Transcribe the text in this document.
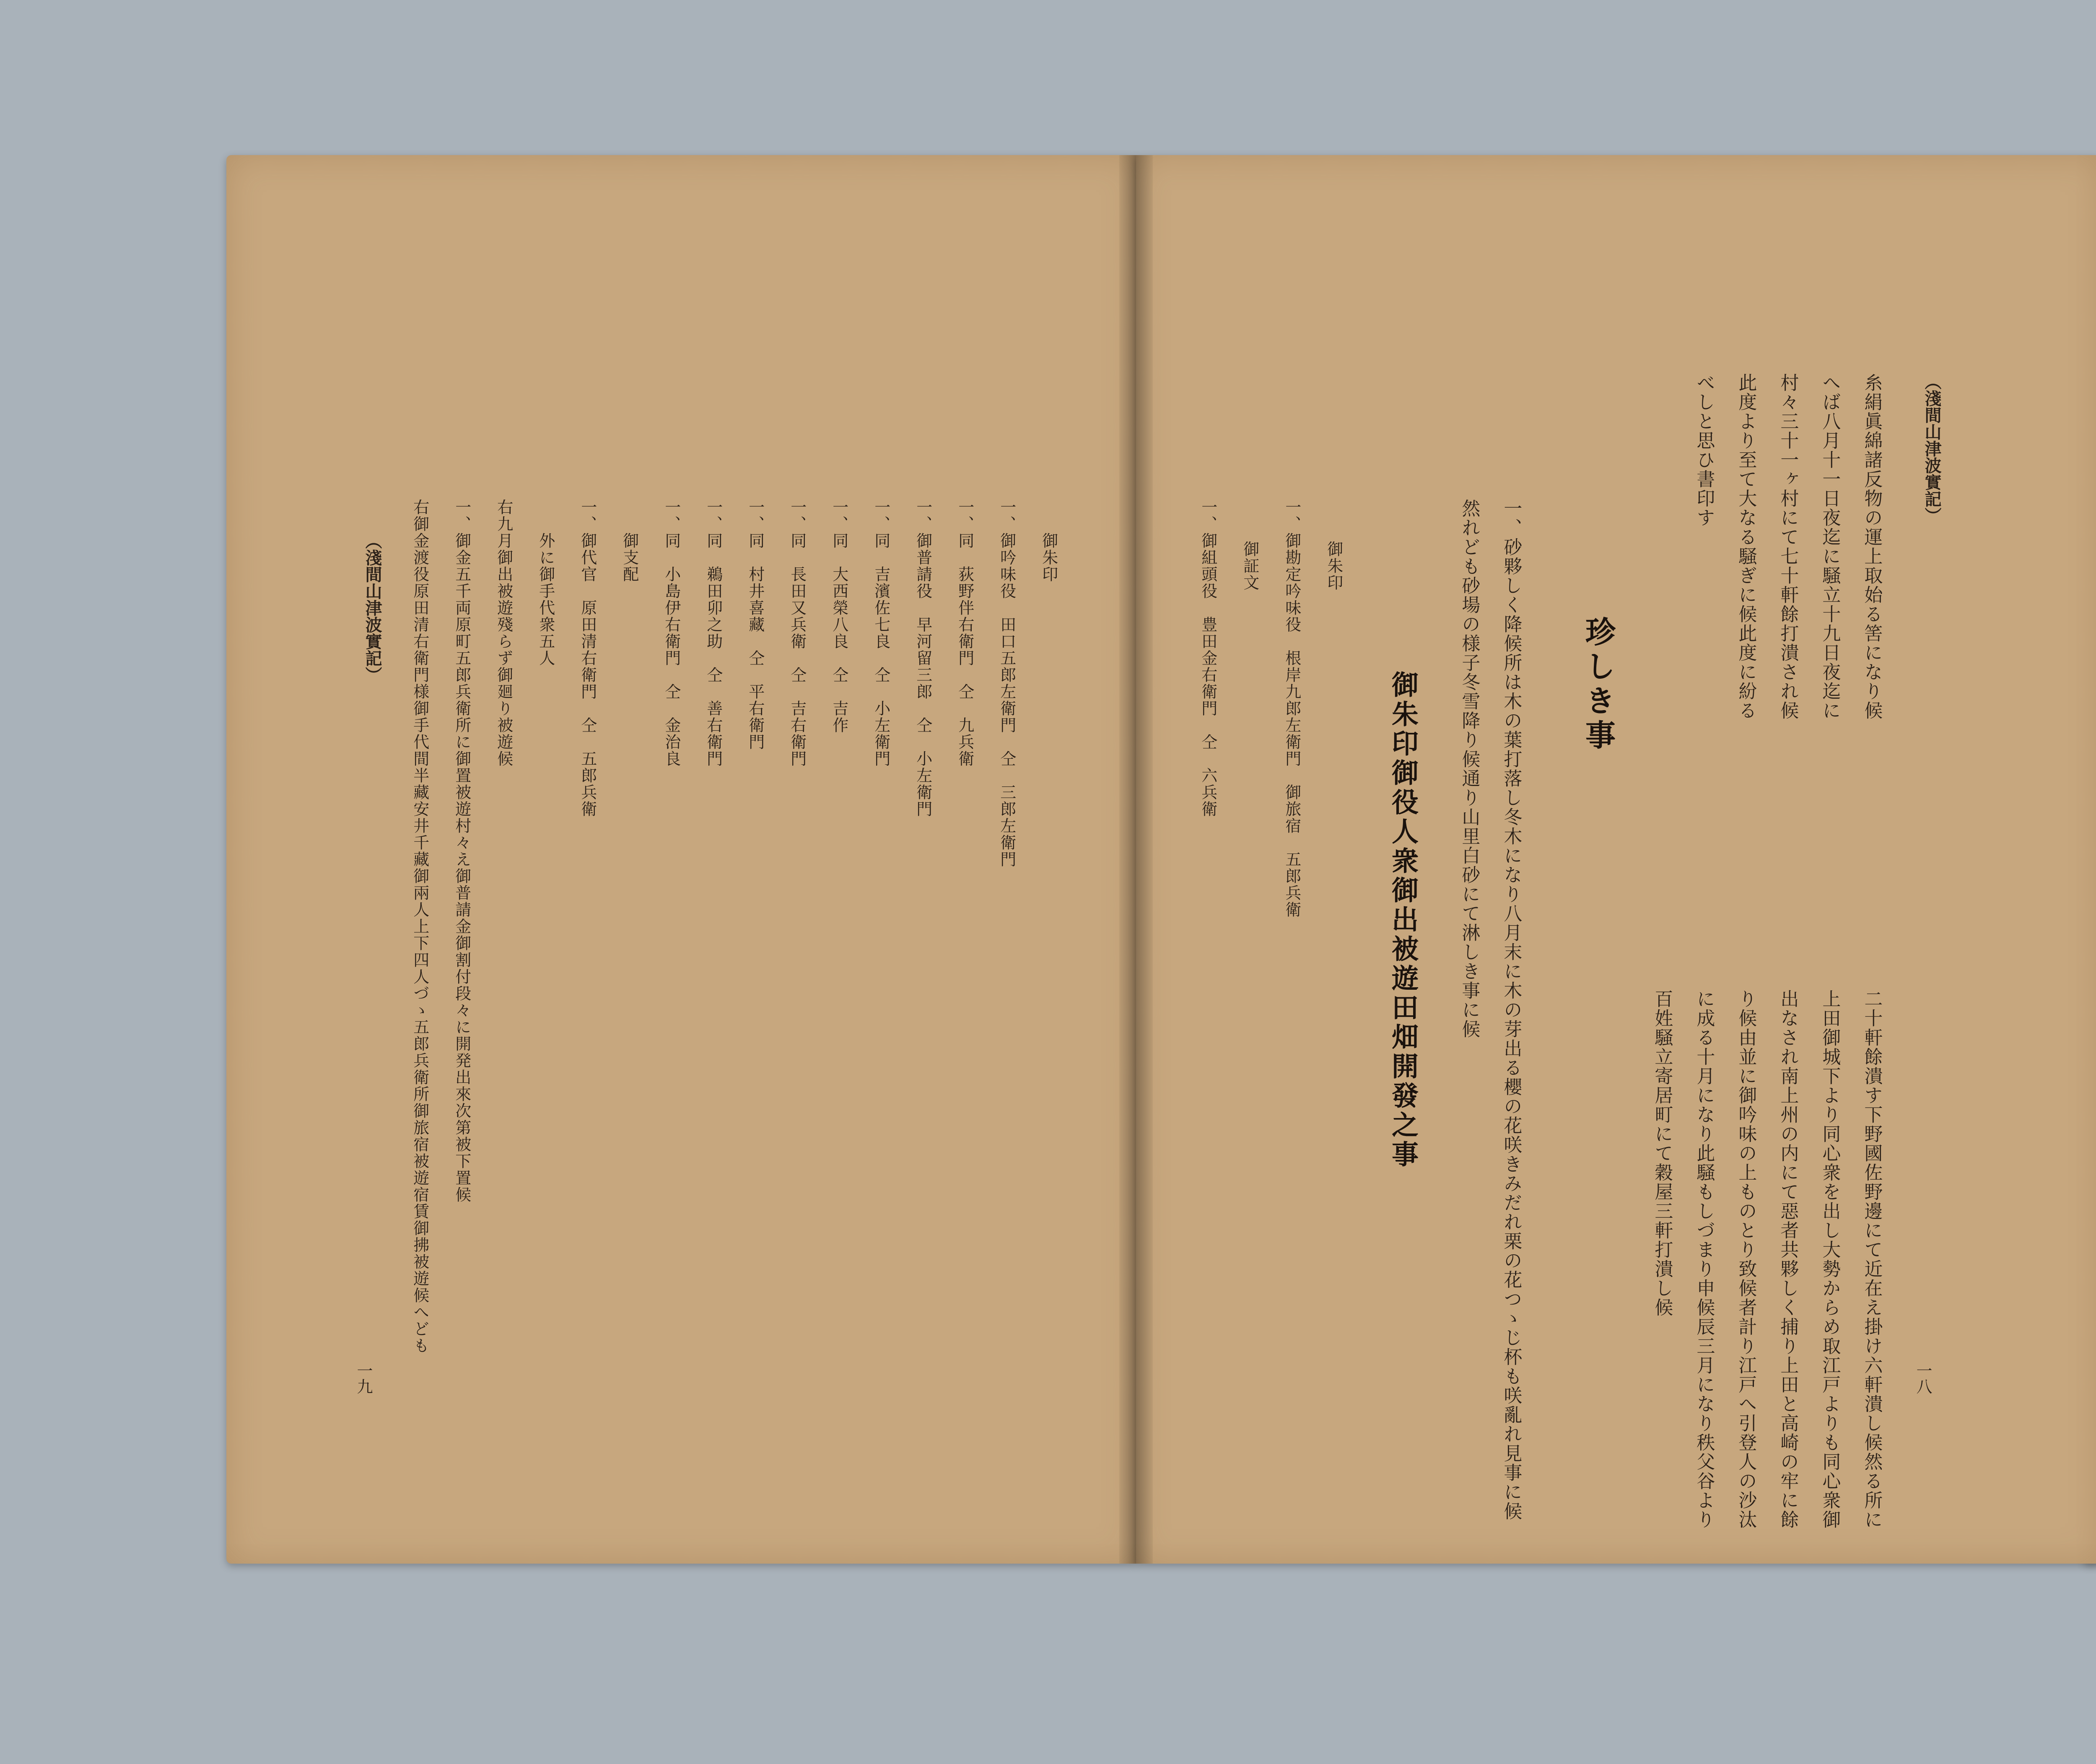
（淺間山津波實記）
一八
糸絹眞綿諸反物の運上取始る筈になり候
へば八月十一日夜迄に騒立十九日夜迄に
村々三十一ヶ村にて七十軒餘打潰され候
此度より至て大なる騒ぎに候此度に紛る
べしと思ひ書印す
二十軒餘潰す下野國佐野邊にて近在え掛け六軒潰し候然る所に
上田御城下より同心衆を出し大勢からめ取江戸よりも同心衆御
出なされ南上州の内にて惡者共夥しく捕り上田と高崎の牢に餘
り候由並に御吟味の上ものとり致候者計り江戸へ引登人の沙汰
に成る十月になり此騒もしづまり申候辰三月になり秩父谷より
百姓騒立寄居町にて穀屋三軒打潰し候
珍しき事
一、砂夥しく降候所は木の葉打落し冬木になり八月末に木の芽出る櫻の花咲きみだれ栗の花つゝじ杯も咲亂れ見事に候
然れども砂場の様子冬雪降り候通り山里白砂にて淋しき事に候
御朱印御役人衆御出被遊田畑開發之事
御朱印
一、御勘定吟味役　根岸九郎左衛門　御旅宿　五郎兵衛
御証文
一、御組頭役　豊田金右衛門　仝　六兵衛
（淺間山津波實記）
一九
御朱印
一、御吟味役　田口五郎左衛門　仝　三郎左衛門
一、同　荻野伴右衛門　仝　九兵衛
一、御普請役　早河留三郎　仝　小左衛門
一、同　吉濱佐七良　仝　小左衛門
一、同　大西榮八良　仝　吉作
一、同　長田又兵衛　仝　吉右衛門
一、同　村井喜藏　仝　平右衛門
一、同　鵜田卯之助　仝　善右衛門
一、同　小島伊右衛門　仝　金治良
御支配
一、御代官　原田清右衛門　仝　五郎兵衛
外に御手代衆五人
右九月御出被遊殘らず御廻り被遊候
一、御金五千両原町五郎兵衛所に御置被遊村々え御普請金御割付段々に開発出來次第被下置候
右御金渡役原田清右衛門様御手代間半藏安井千藏御兩人上下四人づゝ五郎兵衛所御旅宿被遊宿賃御拂被遊候へども
